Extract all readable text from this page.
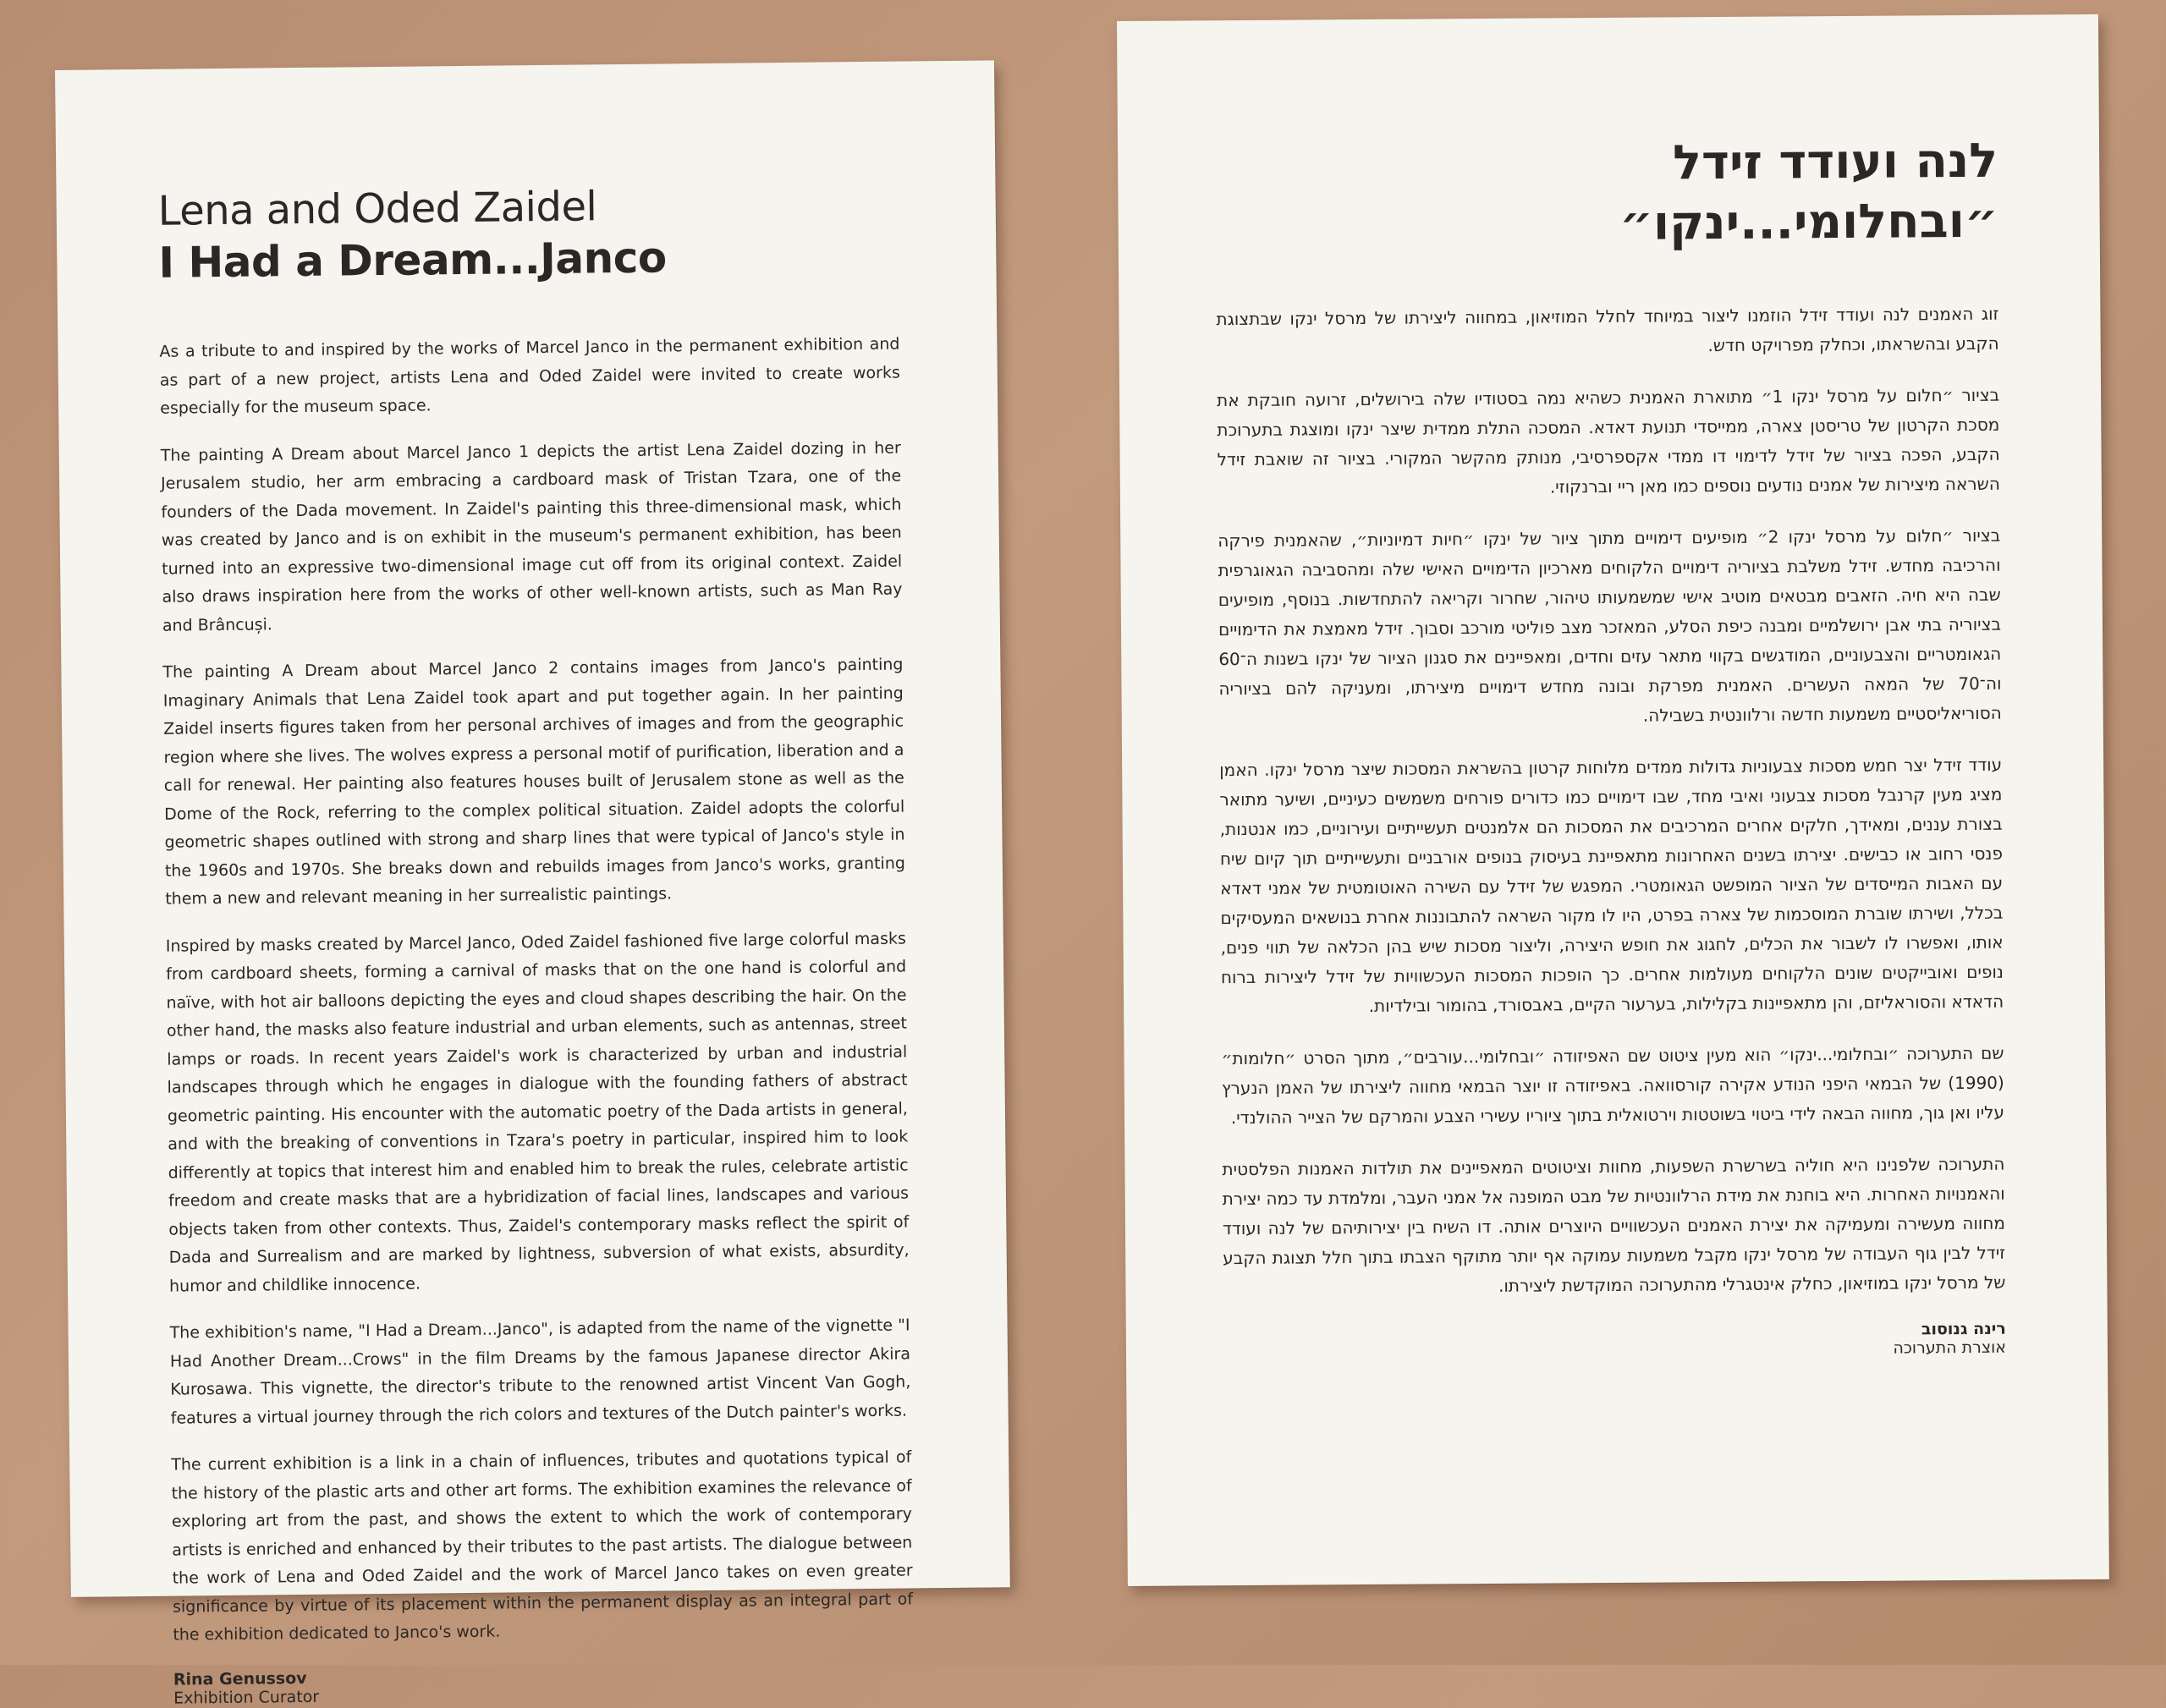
Lena and Oded Zaidel
I Had a Dream...Janco

As a tribute to and inspired by the works of Marcel Janco in the permanent exhibition and as part of a new project, artists Lena and Oded Zaidel were invited to create works especially for the museum space.

The painting A Dream about Marcel Janco 1 depicts the artist Lena Zaidel dozing in her Jerusalem studio, her arm embracing a cardboard mask of Tristan Tzara, one of the founders of the Dada movement. In Zaidel's painting this three-dimensional mask, which was created by Janco and is on exhibit in the museum's permanent exhibition, has been turned into an expressive two-dimensional image cut off from its original context. Zaidel also draws inspiration here from the works of other well-known artists, such as Man Ray and Brâncuși.

The painting A Dream about Marcel Janco 2 contains images from Janco's painting Imaginary Animals that Lena Zaidel took apart and put together again. In her painting Zaidel inserts figures taken from her personal archives of images and from the geographic region where she lives. The wolves express a personal motif of purification, liberation and a call for renewal. Her painting also features houses built of Jerusalem stone as well as the Dome of the Rock, referring to the complex political situation. Zaidel adopts the colorful geometric shapes outlined with strong and sharp lines that were typical of Janco's style in the 1960s and 1970s. She breaks down and rebuilds images from Janco's works, granting them a new and relevant meaning in her surrealistic paintings.

Inspired by masks created by Marcel Janco, Oded Zaidel fashioned five large colorful masks from cardboard sheets, forming a carnival of masks that on the one hand is colorful and naïve, with hot air balloons depicting the eyes and cloud shapes describing the hair. On the other hand, the masks also feature industrial and urban elements, such as antennas, street lamps or roads. In recent years Zaidel's work is characterized by urban and industrial landscapes through which he engages in dialogue with the founding fathers of abstract geometric painting. His encounter with the automatic poetry of the Dada artists in general, and with the breaking of conventions in Tzara's poetry in particular, inspired him to look differently at topics that interest him and enabled him to break the rules, celebrate artistic freedom and create masks that are a hybridization of facial lines, landscapes and various objects taken from other contexts. Thus, Zaidel's contemporary masks reflect the spirit of Dada and Surrealism and are marked by lightness, subversion of what exists, absurdity, humor and childlike innocence.

The exhibition's name, "I Had a Dream...Janco", is adapted from the name of the vignette "I Had Another Dream...Crows" in the film Dreams by the famous Japanese director Akira Kurosawa. This vignette, the director's tribute to the renowned artist Vincent Van Gogh, features a virtual journey through the rich colors and textures of the Dutch painter's works.

The current exhibition is a link in a chain of influences, tributes and quotations typical of the history of the plastic arts and other art forms. The exhibition examines the relevance of exploring art from the past, and shows the extent to which the work of contemporary artists is enriched and enhanced by their tributes to the past artists. The dialogue between the work of Lena and Oded Zaidel and the work of Marcel Janco takes on even greater significance by virtue of its placement within the permanent display as an integral part of the exhibition dedicated to Janco's work.

Rina Genussov
Exhibition Curator
לנה ועודד זידל
״ובחלומי...ינקו״

זוג האמנים לנה ועודד זידל הוזמנו ליצור במיוחד לחלל המוזיאון, במחווה ליצירתו של מרסל ינקו שבתצוגת הקבע ובהשראתו, וכחלק מפרויקט חדש.

בציור ״חלום על מרסל ינקו 1״ מתוארת האמנית כשהיא נמה בסטודיו שלה בירושלים, זרועה חובקת את מסכת הקרטון של טריסטן צארה, ממייסדי תנועת דאדא. המסכה התלת ממדית שיצר ינקו ומוצגת בתערוכת הקבע, הפכה בציור של זידל לדימוי דו ממדי אקספרסיבי, מנותק מהקשר המקורי. בציור זה שואבת זידל השראה מיצירות של אמנים נודעים נוספים כמו מאן ריי וברנקוזי.

בציור ״חלום על מרסל ינקו 2״ מופיעים דימויים מתוך ציור של ינקו ״חיות דמיוניות״, שהאמנית פירקה והרכיבה מחדש. זידל משלבת בציוריה דימויים הלקוחים מארכיון הדימויים האישי שלה ומהסביבה הגאוגרפית שבה היא חיה. הזאבים מבטאים מוטיב אישי שמשמעותו טיהור, שחרור וקריאה להתחדשות. בנוסף, מופיעים בציוריה בתי אבן ירושלמיים ומבנה כיפת הסלע, המאזכר מצב פוליטי מורכב וסבוך. זידל מאמצת את הדימויים הגאומטריים והצבעוניים, המודגשים בקווי מתאר עזים וחדים, ומאפיינים את סגנון הציור של ינקו בשנות ה־60 וה־70 של המאה העשרים. האמנית מפרקת ובונה מחדש דימויים מיצירתו, ומעניקה להם בציוריה הסוריאליסטיים משמעות חדשה ורלוונטית בשבילה.

עודד זידל יצר חמש מסכות צבעוניות גדולות ממדים מלוחות קרטון בהשראת המסכות שיצר מרסל ינקו. האמן מציג מעין קרנבל מסכות צבעוני ואיבי מחד, שבו דימויים כמו כדורים פורחים משמשים כעיניים, ושיער מתואר בצורת עננים, ומאידך, חלקים אחרים המרכיבים את המסכות הם אלמנטים תעשייתיים ועירוניים, כמו אנטנות, פנסי רחוב או כבישים. יצירתו בשנים האחרונות מתאפיינת בעיסוק בנופים אורבניים ותעשייתיים תוך קיום שיח עם האבות המייסדים של הציור המופשט הגאומטרי. המפגש של זידל עם השירה האוטומטית של אמני דאדא בכלל, ושירתו שוברת המוסכמות של צארה בפרט, היו לו מקור השראה להתבוננות אחרת בנושאים המעסיקים אותו, ואפשרו לו לשבור את הכלים, לחגוג את חופש היצירה, וליצור מסכות שיש בהן הכלאה של תווי פנים, נופים ואובייקטים שונים הלקוחים מעולמות אחרים. כך הופכות המסכות העכשוויות של זידל ליצירות ברוח הדאדא והסוראליזם, והן מתאפיינות בקלילות, בערעור הקיים, באבסורד, בהומור ובילדיות.

שם התערוכה ״ובחלומי...ינקו״ הוא מעין ציטוט שם האפיזודה ״ובחלומי...עורבים״, מתוך הסרט ״חלומות״ (1990) של הבמאי היפני הנודע אקירה קורסוואה. באפיזודה זו יוצר הבמאי מחווה ליצירתו של האמן הנערץ עליו ואן גוך, מחווה הבאה לידי ביטוי בשוטטות וירטואלית בתוך ציוריו עשירי הצבע והמרקם של הצייר ההולנדי.

התערוכה שלפנינו היא חוליה בשרשרת השפעות, מחוות וציטוטים המאפיינים את תולדות האמנות הפלסטית והאמנויות האחרות. היא בוחנת את מידת הרלוונטיות של מבט המופנה אל אמני העבר, ומלמדת עד כמה יצירת מחווה מעשירה ומעמיקה את יצירת האמנים העכשוויים היוצרים אותה. דו השיח בין יצירותיהם של לנה ועודד זידל לבין גוף העבודה של מרסל ינקו מקבל משמעות עמוקה אף יותר מתוקף הצבתו בתוך חלל תצוגת הקבע של מרסל ינקו במוזיאון, כחלק אינטגרלי מהתערוכה המוקדשת ליצירתו.

רינה גנוסוב
אוצרת התערוכה
